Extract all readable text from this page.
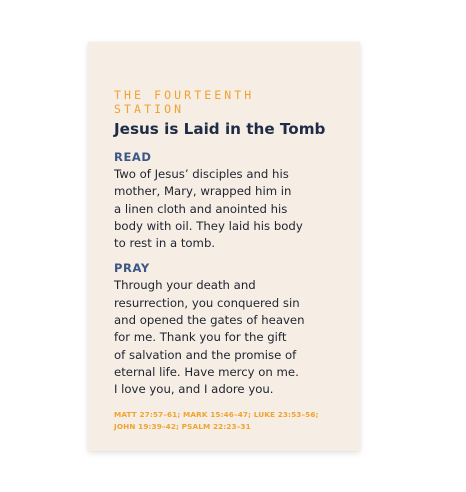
THE FOURTEENTH STATION
Jesus is Laid in the Tomb
READ
Two of Jesus’ disciples and his
mother, Mary, wrapped him in
a linen cloth and anointed his
body with oil. They laid his body
to rest in a tomb.
PRAY
Through your death and
resurrection, you conquered sin
and opened the gates of heaven
for me. Thank you for the gift
of salvation and the promise of
eternal life. Have mercy on me.
I love you, and I adore you.
MATT 27:57–61; MARK 15:46–47; LUKE 23:53–56;
JOHN 19:39–42; PSALM 22:23–31
